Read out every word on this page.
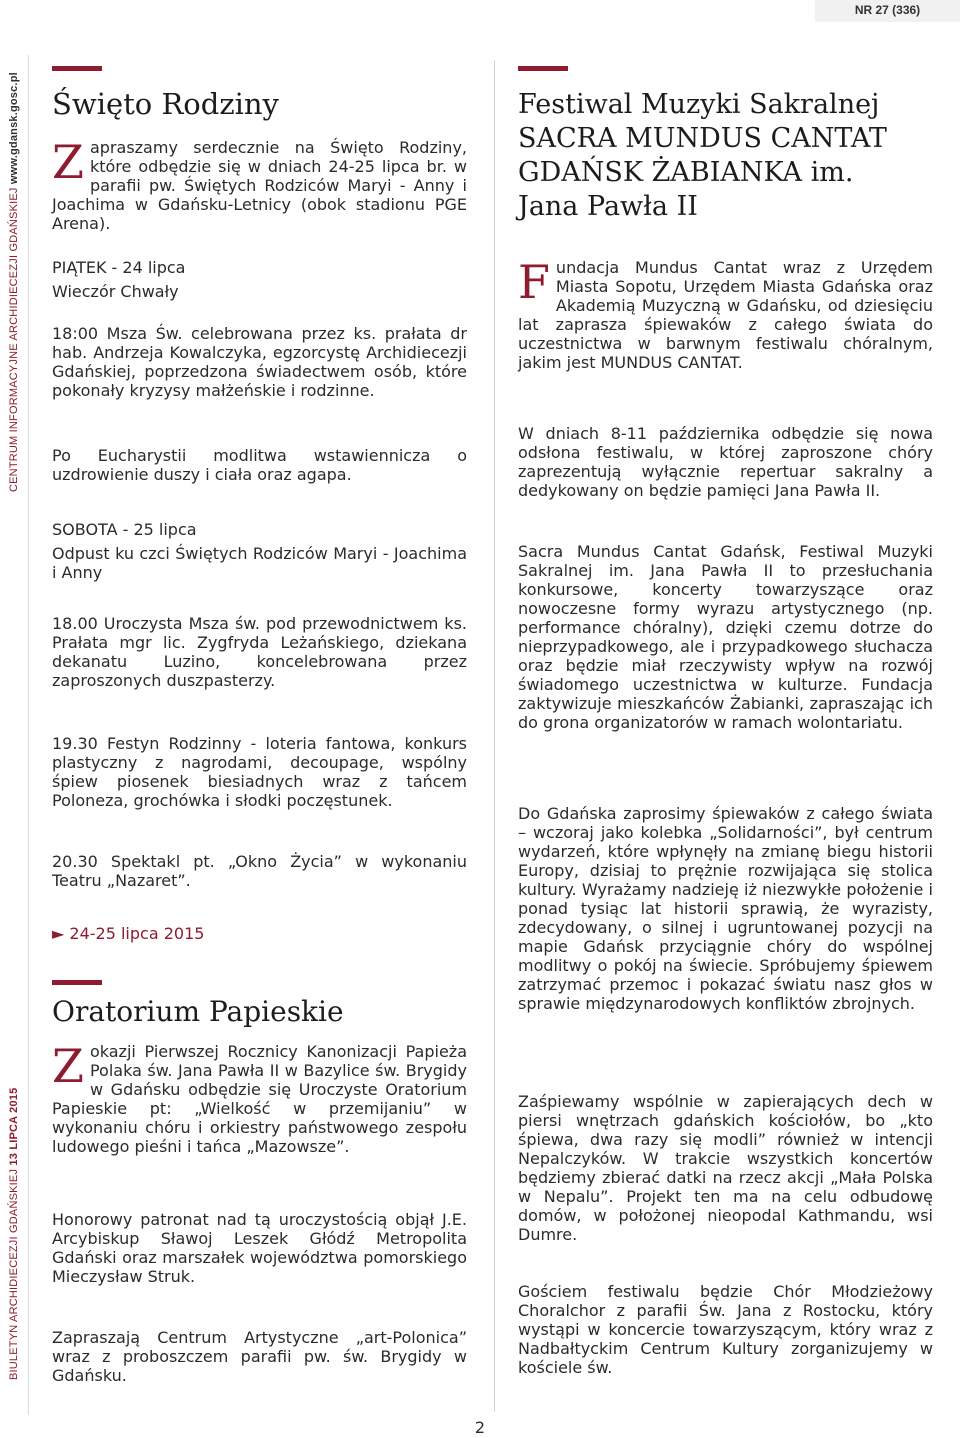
NR 27 (336)
CENTRUM INFORMACYJNE ARCHIDIECEZJI GDAŃSKIEJ www.gdansk.gosc.pl
BIULETYN ARCHIDIECEZJI GDAŃSKIEJ 13 LIPCA 2015
Święto Rodziny

Zapraszamy serdecznie na Święto Rodziny, które odbędzie się w dniach 24-25 lipca br. w parafii pw. Świętych Rodziców Maryi - Anny i Joachima w Gdańsku-Letnicy (obok stadionu PGE Arena).

PIĄTEK - 24 lipca

Wieczór Chwały

18:00 Msza Św. celebrowana przez ks. prałata dr hab. Andrzeja Kowalczyka, egzorcystę Archidiecezji Gdańskiej, poprzedzona świadectwem osób, które pokonały kryzysy małżeńskie i rodzinne.

Po Eucharystii modlitwa wstawiennicza o uzdrowienie duszy i ciała oraz agapa.

SOBOTA - 25 lipca

Odpust ku czci Świętych Rodziców Maryi - Joachima i Anny

18.00 Uroczysta Msza św. pod przewodnictwem ks. Prałata mgr lic. Zygfryda Leżańskiego, dziekana dekanatu Luzino, koncelebrowana przez zaproszonych duszpasterzy.

19.30 Festyn Rodzinny - loteria fantowa, konkurs plastyczny z nagrodami, decoupage, wspólny śpiew piosenek biesiadnych wraz z tańcem Poloneza, grochówka i słodki poczęstunek.

20.30 Spektakl pt. „Okno Życia” w wykonaniu Teatru „Nazaret”.

► 24-25 lipca 2015

Oratorium Papieskie

Zokazji Pierwszej Rocznicy Kanonizacji Papieża Polaka św. Jana Pawła II w Bazylice św. Brygidy w Gdańsku odbędzie się Uroczyste Oratorium Papieskie pt: „Wielkość w przemijaniu” w wykonaniu chóru i orkiestry państwowego zespołu ludowego pieśni i tańca „Mazowsze”.

Honorowy patronat nad tą uroczystością objął J.E. Arcybiskup Sławoj Leszek Głódź Metropolita Gdański oraz marszałek województwa pomorskiego Mieczysław Struk.

Zapraszają Centrum Artystyczne „art-Polonica” wraz z proboszczem parafii pw. św. Brygidy w Gdańsku.

Festiwal Muzyki Sakralnej SACRA MUNDUS CANTAT GDAŃSK ŻABIANKA im. Jana Pawła II

Fundacja Mundus Cantat wraz z Urzędem Miasta Sopotu, Urzędem Miasta Gdańska oraz Akademią Muzyczną w Gdańsku, od dziesięciu lat zaprasza śpiewaków z całego świata do uczestnictwa w barwnym festiwalu chóralnym, jakim jest MUNDUS CANTAT.

W dniach 8-11 października odbędzie się nowa odsłona festiwalu, w której zaproszone chóry zaprezentują wyłącznie repertuar sakralny a dedykowany on będzie pamięci Jana Pawła II.

Sacra Mundus Cantat Gdańsk, Festiwal Muzyki Sakralnej im. Jana Pawła II to przesłuchania konkursowe, koncerty towarzyszące oraz nowoczesne formy wyrazu artystycznego (np. performance chóralny), dzięki czemu dotrze do nieprzypadkowego, ale i przypadkowego słuchacza oraz będzie miał rzeczywisty wpływ na rozwój świadomego uczestnictwa w kulturze. Fundacja zaktywizuje mieszkańców Żabianki, zapraszając ich do grona organizatorów w ramach wolontariatu.

Do Gdańska zaprosimy śpiewaków z całego świata – wczoraj jako kolebka „Solidarności”, był centrum wydarzeń, które wpłynęły na zmianę biegu historii Europy, dzisiaj to prężnie rozwijająca się stolica kultury. Wyrażamy nadzieję iż niezwykłe położenie i ponad tysiąc lat historii sprawią, że wyrazisty, zdecydowany, o silnej i ugruntowanej pozycji na mapie Gdańsk przyciągnie chóry do wspólnej modlitwy o pokój na świecie. Spróbujemy śpiewem zatrzymać przemoc i pokazać światu nasz głos w sprawie międzynarodowych konfliktów zbrojnych.

Zaśpiewamy wspólnie w zapierających dech w piersi wnętrzach gdańskich kościołów, bo „kto śpiewa, dwa razy się modli” również w intencji Nepalczyków. W trakcie wszystkich koncertów będziemy zbierać datki na rzecz akcji „Mała Polska w Nepalu”. Projekt ten ma na celu odbudowę domów, w położonej nieopodal Kathmandu, wsi Dumre.

Gościem festiwalu będzie Chór Młodzieżowy Choralchor z parafii Św. Jana z Rostocku, który wystąpi w koncercie towarzyszącym, który wraz z Nadbałtyckim Centrum Kultury zorganizujemy w kościele św.

2
